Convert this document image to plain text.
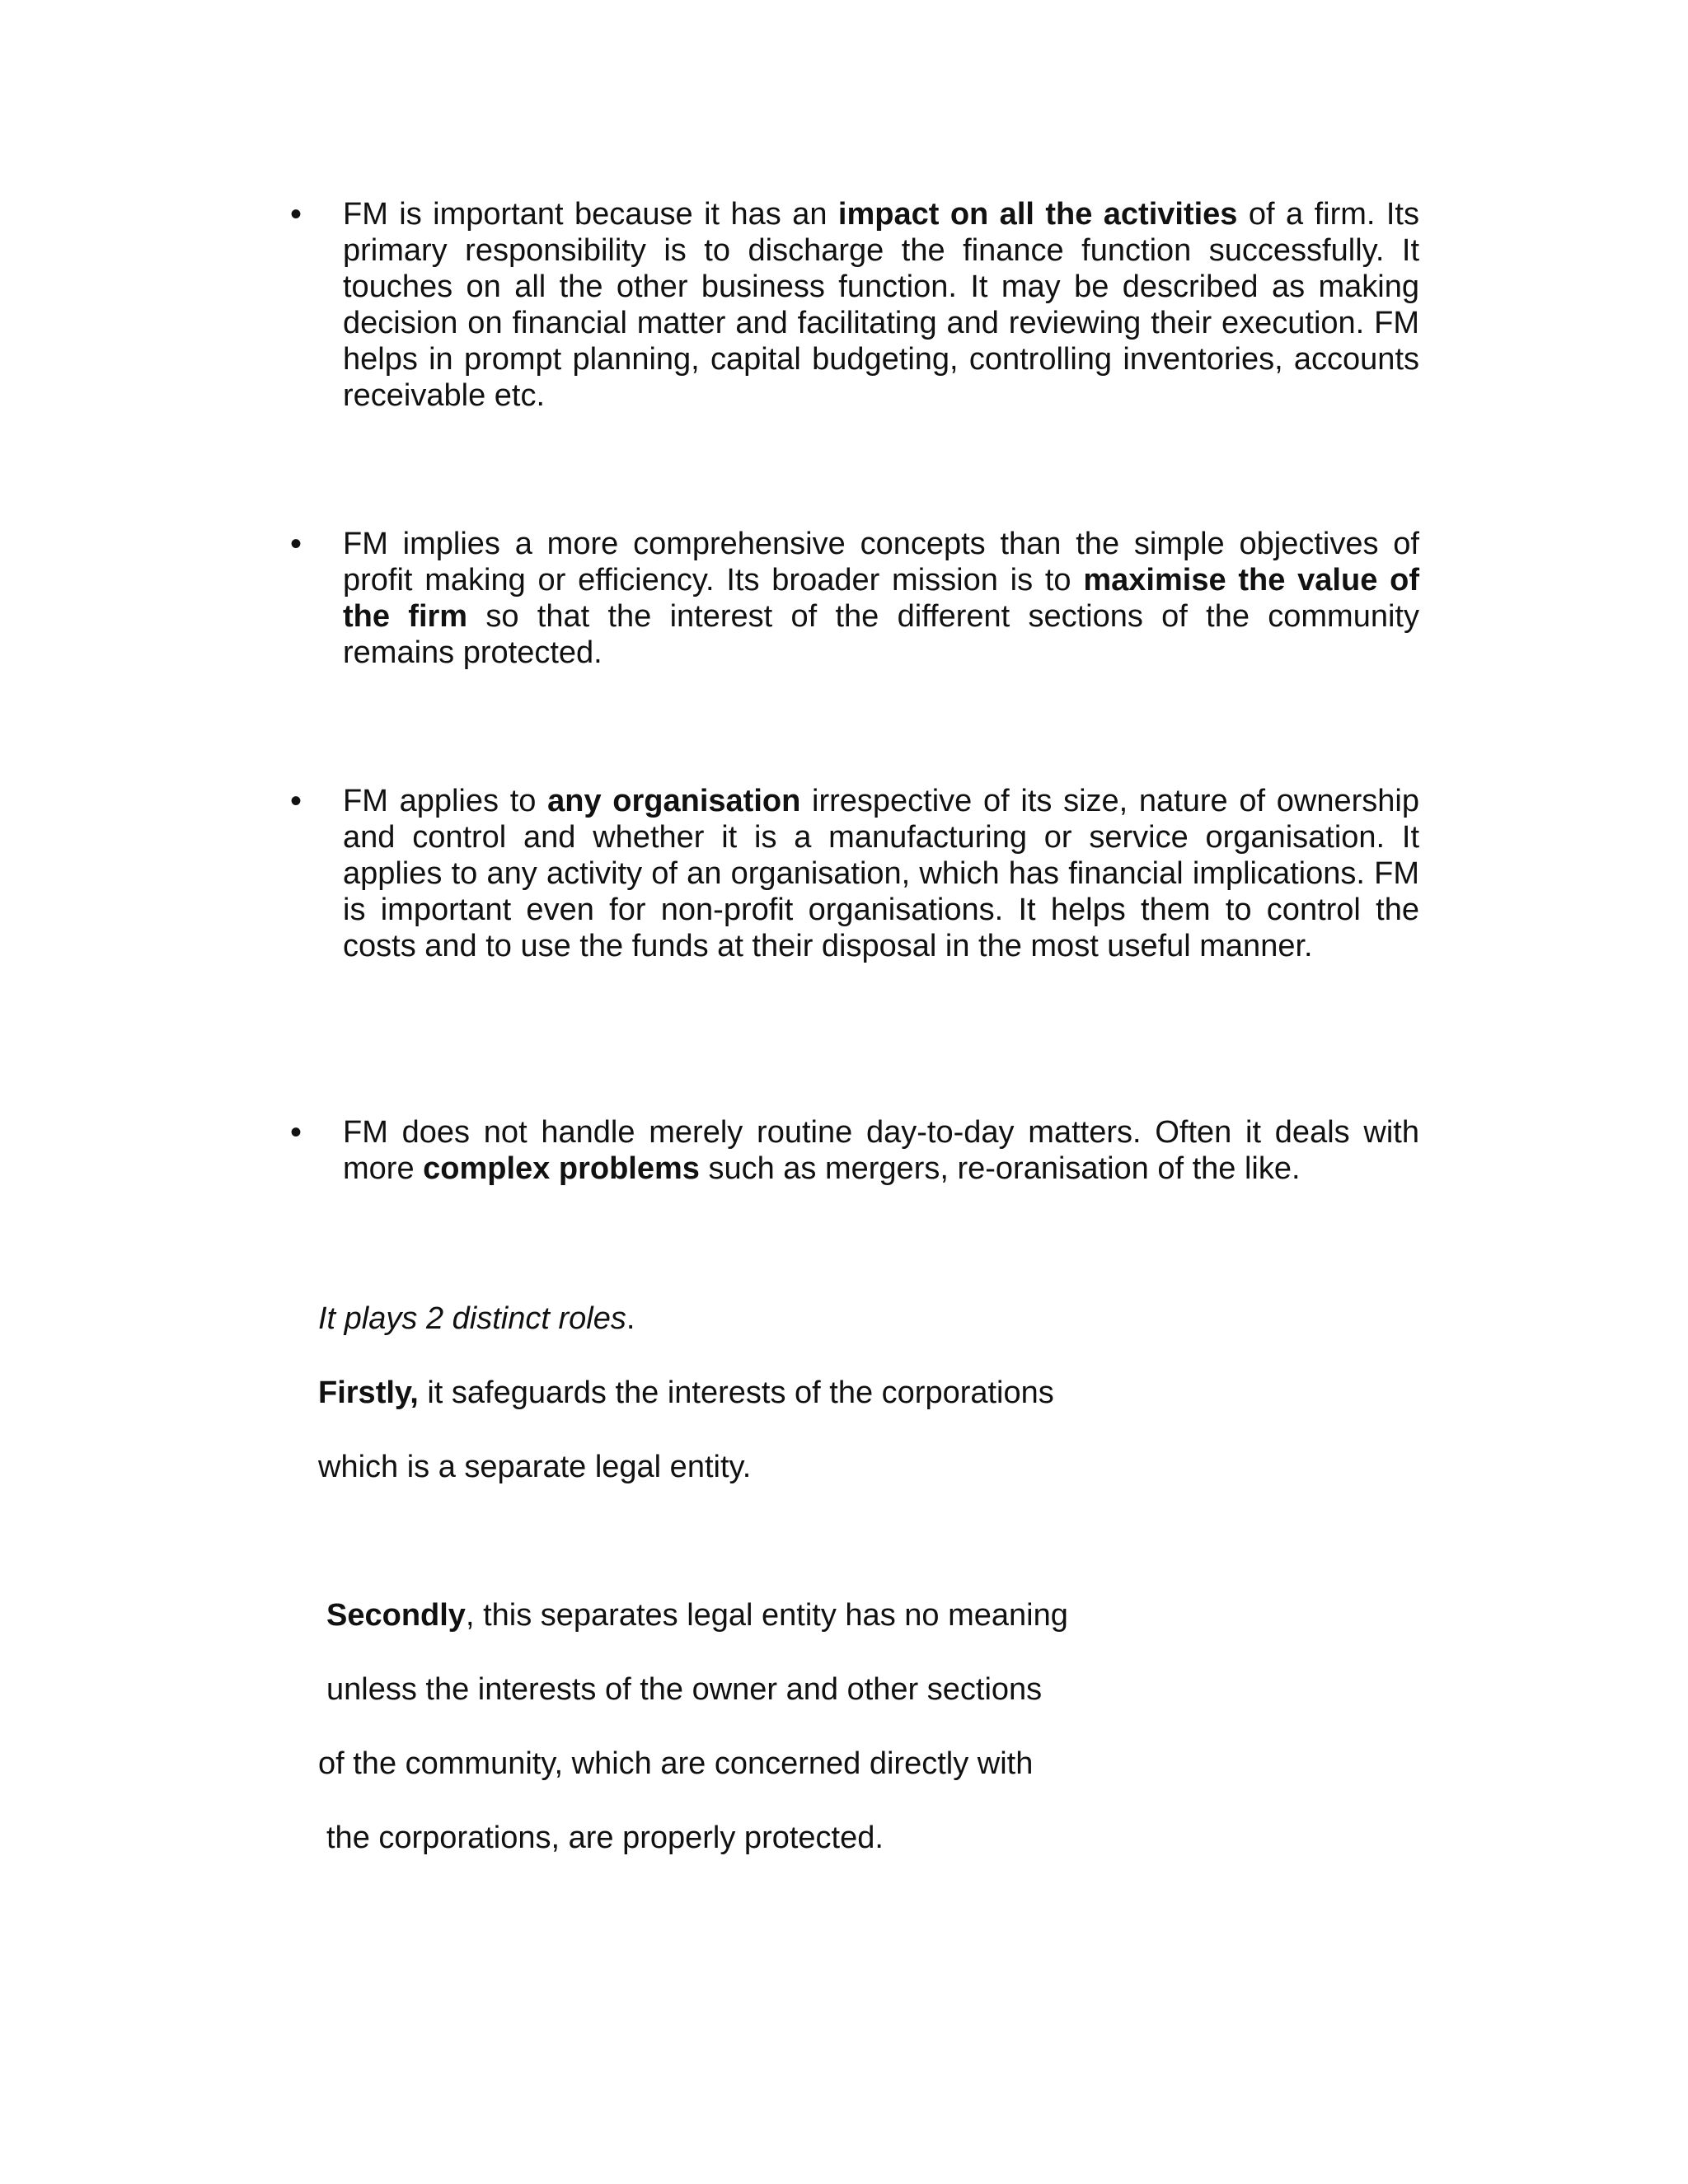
• FM is important because it has an impact on all the activities of a firm. Its primary responsibility is to discharge the finance function successfully. It touches on all the other business function. It may be described as making decision on financial matter and facilitating and reviewing their execution. FM helps in prompt planning, capital budgeting, controlling inventories, accounts receivable etc.

• FM implies a more comprehensive concepts than the simple objectives of profit making or efficiency. Its broader mission is to maximise the value of the firm so that the interest of the different sections of the community remains protected.

• FM applies to any organisation irrespective of its size, nature of ownership and control and whether it is a manufacturing or service organisation. It applies to any activity of an organisation, which has financial implications. FM is important even for non-profit organisations. It helps them to control the costs and to use the funds at their disposal in the most useful manner.

• FM does not handle merely routine day-to-day matters. Often it deals with more complex problems such as mergers, re-oranisation of the like.

It plays 2 distinct roles.

Firstly, it safeguards the interests of the corporations

which is a separate legal entity.

Secondly, this separates legal entity has no meaning

unless the interests of the owner and other sections

of the community, which are concerned directly with

the corporations, are properly protected.
